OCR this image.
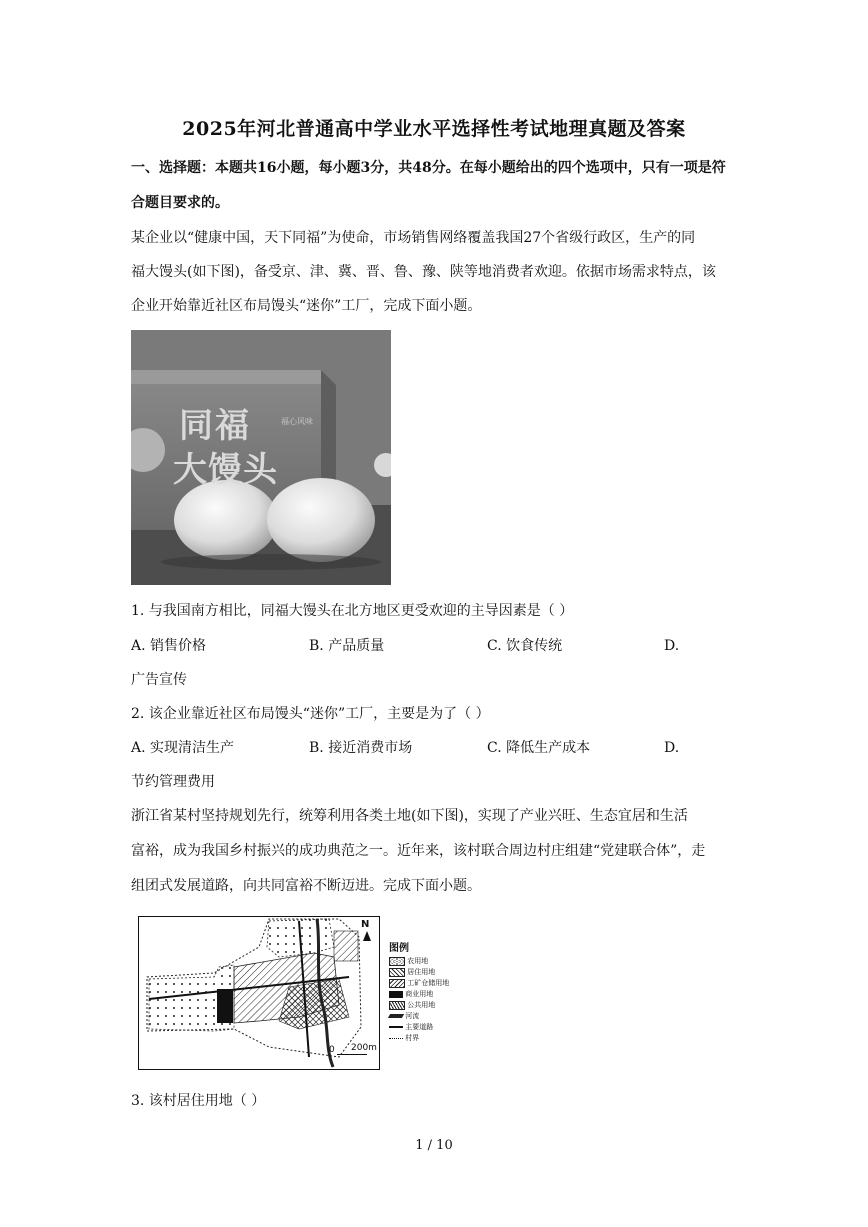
2025年河北普通高中学业水平选择性考试地理真题及答案
一、选择题：本题共16小题，每小题3分，共48分。在每小题给出的四个选项中，只有一项是符
合题目要求的。
某企业以“健康中国，天下同福”为使命，市场销售网络覆盖我国27个省级行政区，生产的同
福大馒头(如下图)，备受京、津、冀、晋、鲁、豫、陕等地消费者欢迎。依据市场需求特点，该
企业开始靠近社区布局馒头“迷你”工厂，完成下面小题。
同福
大馒头
福心风味
1. 与我国南方相比，同福大馒头在北方地区更受欢迎的主导因素是（ ）
A. 销售价格	B. 产品质量	C. 饮食传统	D.
广告宣传
2. 该企业靠近社区布局馒头“迷你”工厂，主要是为了（ ）
A. 实现清洁生产	B. 接近消费市场	C. 降低生产成本	D.
节约管理费用
浙江省某村坚持规划先行，统筹利用各类土地(如下图)，实现了产业兴旺、生态宜居和生活
富裕，成为我国乡村振兴的成功典范之一。近年来，该村联合周边村庄组建“党建联合体”，走
组团式发展道路，向共同富裕不断迈进。完成下面小题。
N
图例
农用地
居住用地
工矿仓储用地
商业用地
公共用地
河流
主要道路
村界
0 200m
3. 该村居住用地（ ）
1 / 10
